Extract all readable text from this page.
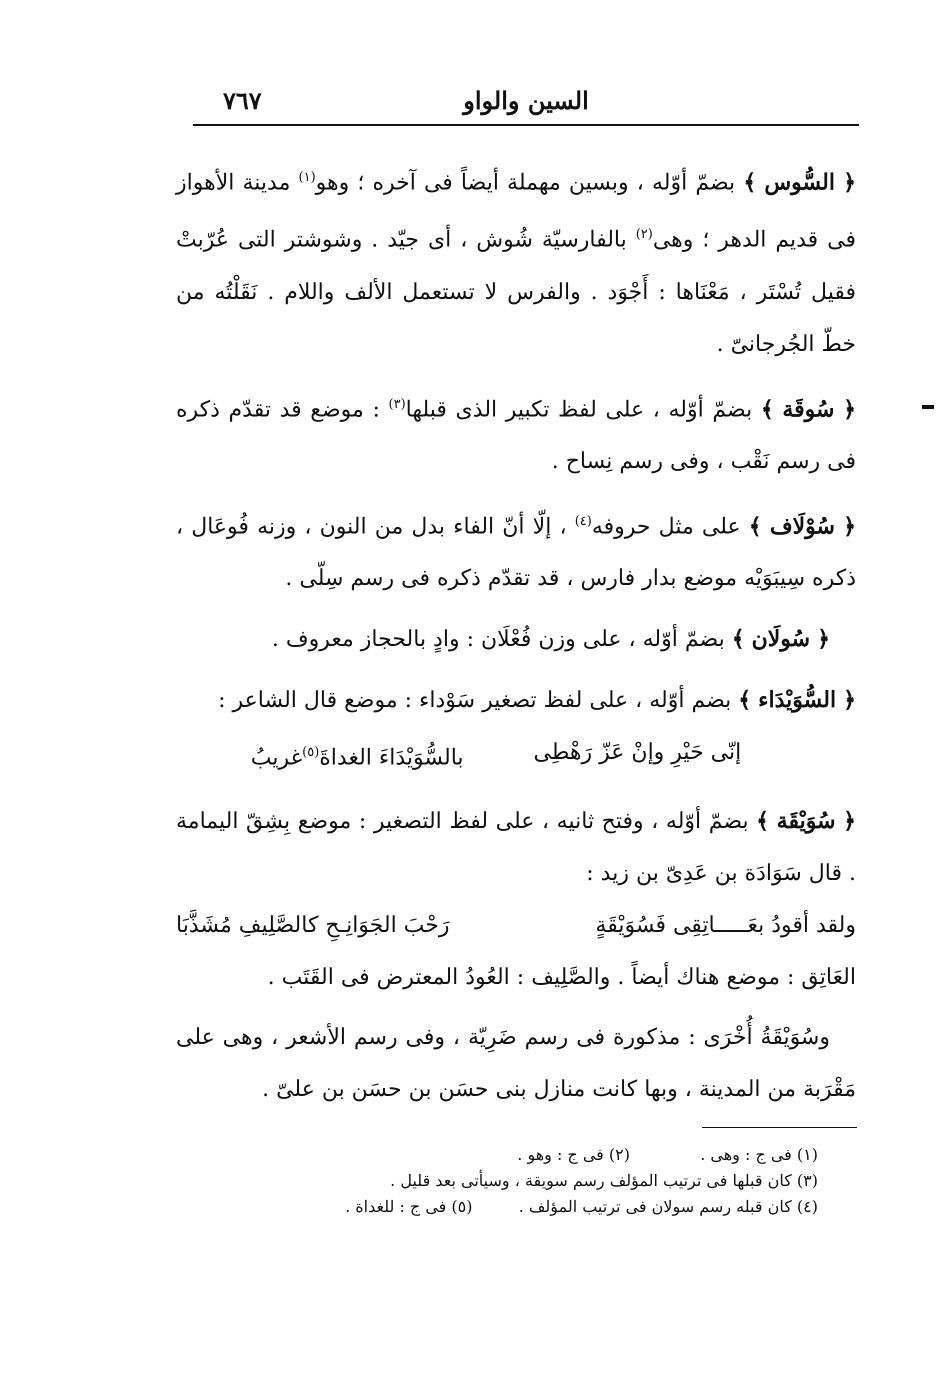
السين والواو
٧٦٧

﴿ السُّوس ﴾ بضمّ أوّله ، وبسين مهملة أيضاً فى آخره ؛ وهو$^{(١)}$ مدينة الأهواز فى قديم الدهر ؛ وهى$^{(٢)}$ بالفارسيّة شُوش ، أى جيّد . وشوشتر التى عُرّبتْ فقيل تُسْتَر ، مَعْنَاها : أَجْوَد . والفرس لا تستعمل الألف واللام . نَقَلْتُه من خطّ الجُرجانىّ .

﴿ سُوقَة ﴾ بضمّ أوّله ، على لفظ تكبير الذى قبلها$^{(٣)}$ : موضع قد تقدّم ذكره فى رسم نَقْب ، وفى رسم نِساح .

﴿ سُوْلَاف ﴾ على مثل حروفه$^{(٤)}$ ، إلّا أنّ الفاء بدل من النون ، وزنه فُوعَال ، ذكره سِيبَوَيْه موضع بدار فارس ، قد تقدّم ذكره فى رسم سِلّى .

﴿ سُولَان ﴾ بضمّ أوّله ، على وزن فُعْلَان : وادٍ بالحجاز معروف .

﴿ السُّوَيْدَاء ﴾ بضم أوّله ، على لفظ تصغير سَوْداء : موضع قال الشاعر :

إنّى حَيْرِ وإنْ عَزّ رَهْطِى
بالسُّوَيْدَاءَ الغداةَ$^{(٥)}$غريبُ

﴿ سُوَيْقَة ﴾ بضمّ أوّله ، وفتح ثانيه ، على لفظ التصغير : موضع بِشِقّ اليمامة . قال سَوَادَة بن عَدِىّ بن زيد :

ولقد أقودُ بعَـــــاتِقِى فَسُوَيْقَةٍ
رَحْبَ الجَوَانِـحِ كالصَّلِيفِ مُشَذَّبَا

العَاتِق : موضع هناك أيضاً . والصَّلِيف : العُودُ المعترض فى القَتَب .

وسُوَيْقَةُ أُخْرَى : مذكورة فى رسم ضَرِيّة ، وفى رسم الأشعر ، وهى على مَقْرَبة من المدينة ، وبها كانت منازل بنى حسَن بن حسَن بن علىّ .

(١) فى ج : وهى .  (٢) فى ج : وهو .
(٣) كان قبلها فى ترتيب المؤلف رسم سويقة ، وسيأتى بعد قليل .
(٤) كان قبله رسم سولان فى ترتيب المؤلف .  (٥) فى ج : للغداة .
